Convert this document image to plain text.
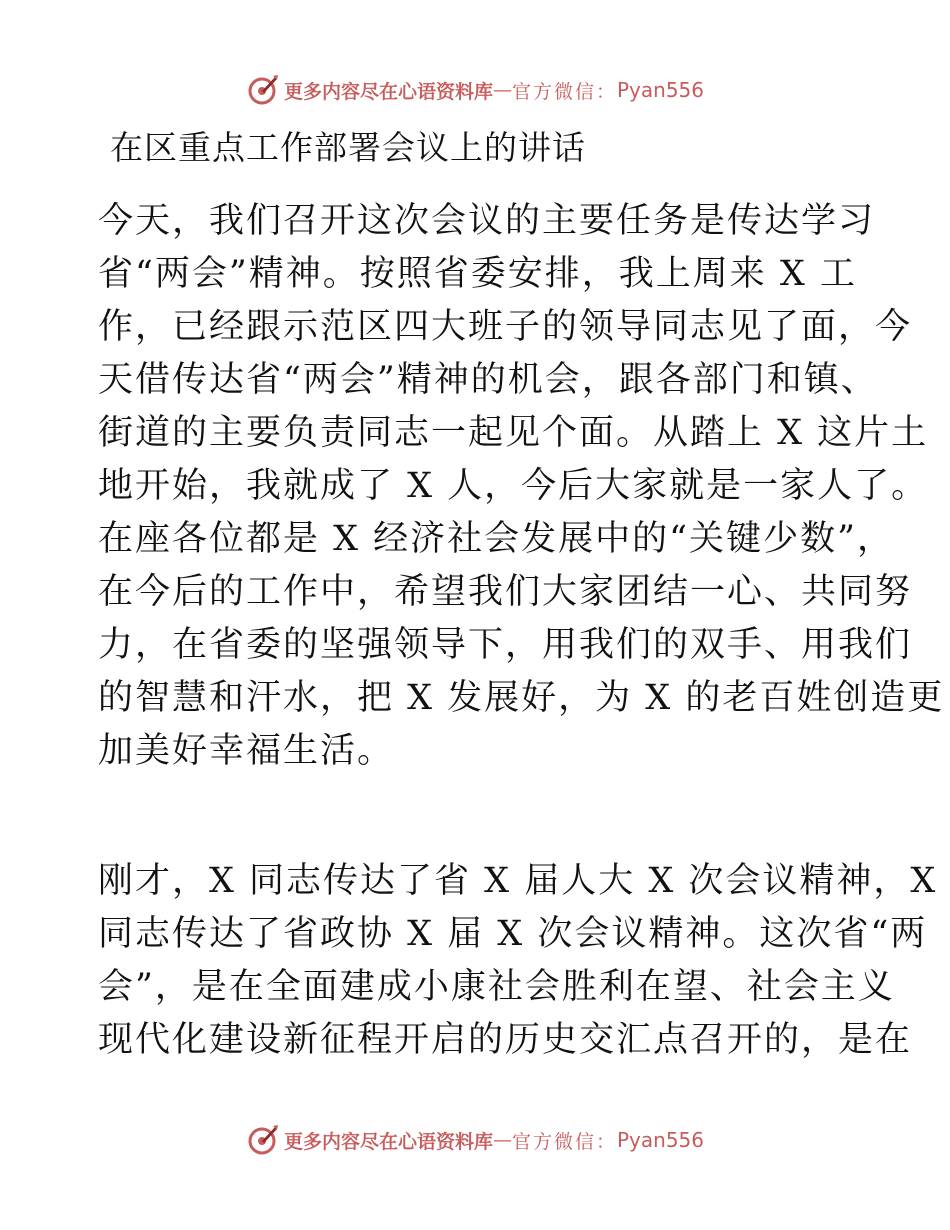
更多内容尽在心语资料库 — 官方微信： Pyan556
在区重点工作部署会议上的讲话
今天，我们召开这次会议的主要任务是传达学习
省“两会”精神。按照省委安排，我上周来 X 工
作，已经跟示范区四大班子的领导同志见了面，今
天借传达省“两会”精神的机会，跟各部门和镇、
街道的主要负责同志一起见个面。从踏上 X 这片土
地开始，我就成了 X 人，今后大家就是一家人了。
在座各位都是 X 经济社会发展中的“关键少数”，
在今后的工作中，希望我们大家团结一心、共同努
力，在省委的坚强领导下，用我们的双手、用我们
的智慧和汗水，把 X 发展好，为 X 的老百姓创造更
加美好幸福生活。
刚才，X 同志传达了省 X 届人大 X 次会议精神，X
同志传达了省政协 X 届 X 次会议精神。这次省“两
会”，是在全面建成小康社会胜利在望、社会主义
现代化建设新征程开启的历史交汇点召开的，是在
更多内容尽在心语资料库 — 官方微信： Pyan556
